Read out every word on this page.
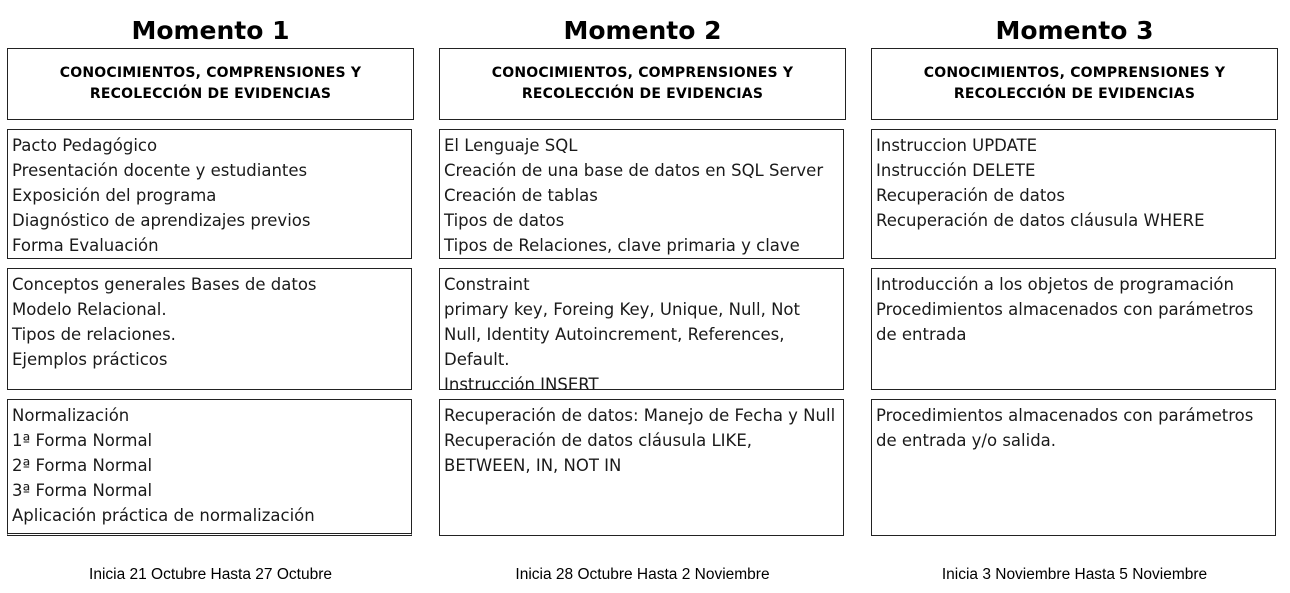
Momento 1
CONOCIMIENTOS, COMPRENSIONES Y
RECOLECCIÓN DE EVIDENCIAS
Pacto Pedagógico
Presentación docente y estudiantes
Exposición del programa
Diagnóstico de aprendizajes previos
Forma Evaluación
Conceptos generales Bases de datos
Modelo Relacional.
Tipos de relaciones.
Ejemplos prácticos
Normalización
1ª Forma Normal
2ª Forma Normal
3ª Forma Normal
Aplicación práctica de normalización
Inicia 21 Octubre Hasta 27 Octubre
Momento 2
CONOCIMIENTOS, COMPRENSIONES Y
RECOLECCIÓN DE EVIDENCIAS
El Lenguaje SQL
Creación de una base de datos en SQL Server
Creación de tablas
Tipos de datos
Tipos de Relaciones, clave primaria y clave
Constraint
primary key, Foreing Key, Unique, Null, Not Null, Identity Autoincrement, References, Default.
Instrucción INSERT
Recuperación de datos: Manejo de Fecha y Null
Recuperación de datos cláusula LIKE, BETWEEN, IN, NOT IN
Inicia 28 Octubre Hasta 2 Noviembre
Momento 3
CONOCIMIENTOS, COMPRENSIONES Y
RECOLECCIÓN DE EVIDENCIAS
Instruccion UPDATE
Instrucción DELETE
Recuperación de datos
Recuperación de datos cláusula WHERE
Introducción a los objetos de programación
Procedimientos almacenados con parámetros de entrada
Procedimientos almacenados con parámetros de entrada y/o salida.
Inicia 3 Noviembre Hasta 5 Noviembre
